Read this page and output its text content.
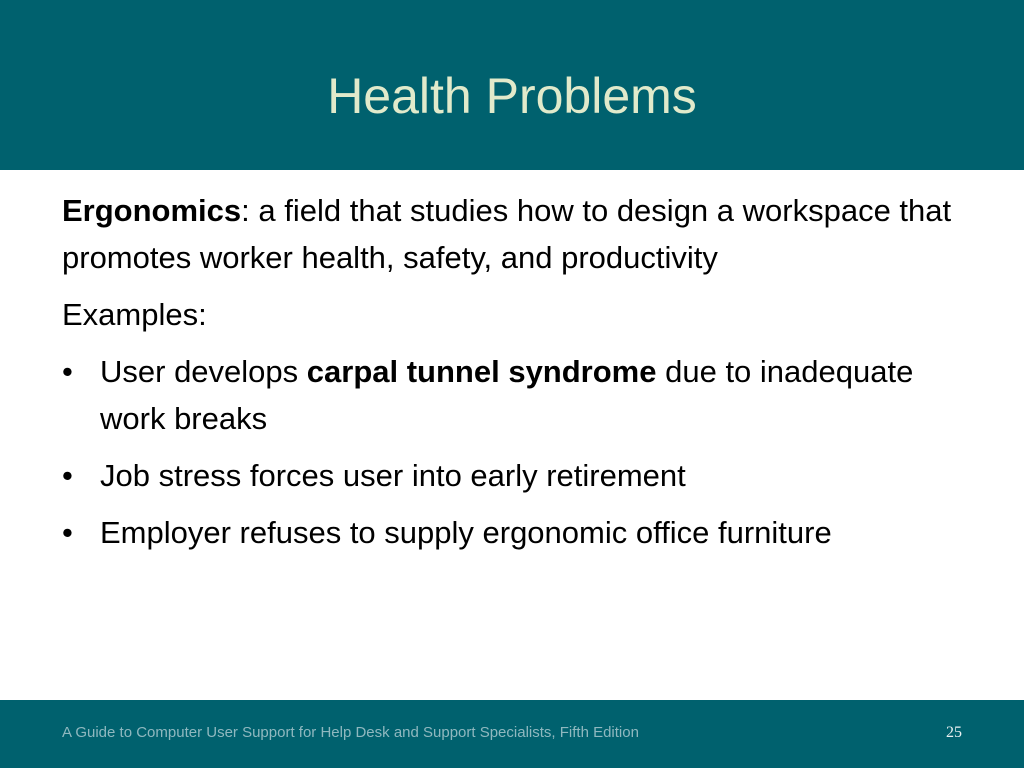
Health Problems

Ergonomics: a field that studies how to design a workspace that promotes worker health, safety, and productivity

Examples:

• User develops carpal tunnel syndrome due to inadequate work breaks
• Job stress forces user into early retirement
• Employer refuses to supply ergonomic office furniture
A Guide to Computer User Support for Help Desk and Support Specialists, Fifth Edition	25
